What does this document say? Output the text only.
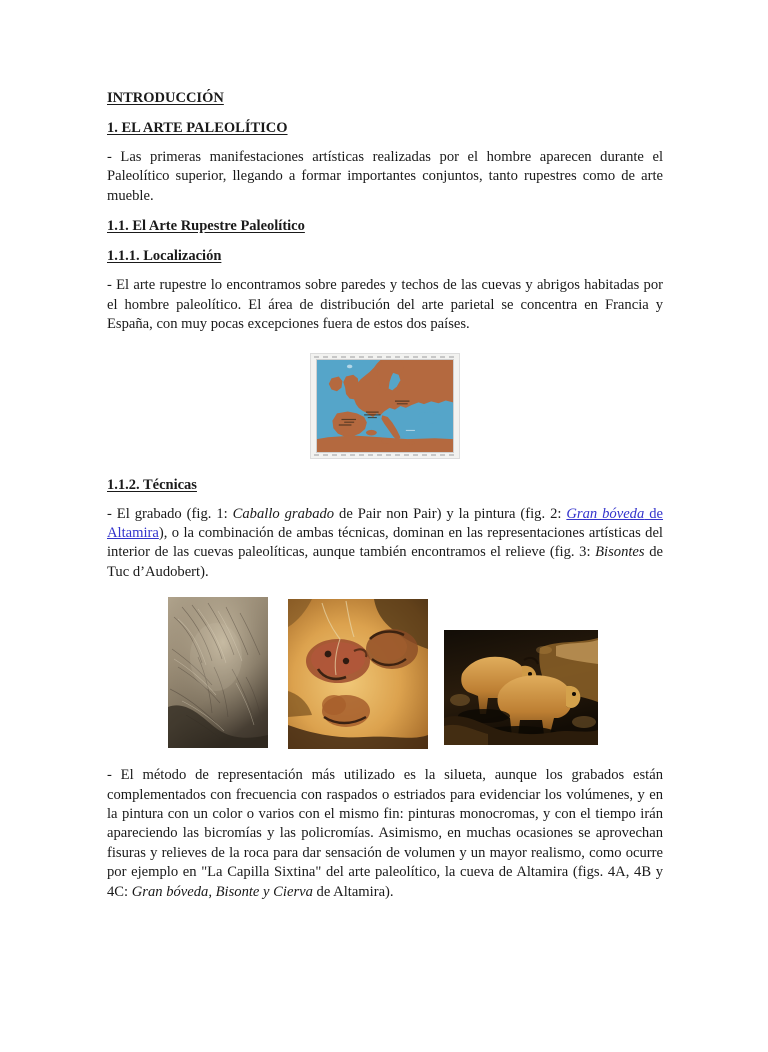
INTRODUCCIÓN
1. EL ARTE PALEOLÍTICO

- Las primeras manifestaciones artísticas realizadas por el hombre aparecen durante el Paleolítico superior, llegando a formar importantes conjuntos, tanto rupestres como de arte mueble.

1.1. El Arte Rupestre Paleolítico
1.1.1. Localización

- El arte rupestre lo encontramos sobre paredes y techos de las cuevas y abrigos habitadas por el hombre paleolítico. El área de distribución del arte parietal se concentra en Francia y España, con muy pocas excepciones fuera de estos dos países.

1.1.2. Técnicas

- El grabado (fig. 1: Caballo grabado de Pair non Pair) y la pintura (fig. 2: Gran bóveda de Altamira), o la combinación de ambas técnicas, dominan en las representaciones artísticas del interior de las cuevas paleolíticas, aunque también encontramos el relieve (fig. 3: Bisontes de Tuc d’Audobert).

- El método de representación más utilizado es la silueta, aunque los grabados están complementados con frecuencia con raspados o estriados para evidenciar los volúmenes, y en la pintura con un color o varios con el mismo fin: pinturas monocromas, y con el tiempo irán apareciendo las bicromías y las policromías. Asimismo, en muchas ocasiones se aprovechan fisuras y relieves de la roca para dar sensación de volumen y un mayor realismo, como ocurre por ejemplo en "La Capilla Sixtina" del arte paleolítico, la cueva de Altamira (figs. 4A, 4B y 4C: Gran bóveda, Bisonte y Cierva de Altamira).
